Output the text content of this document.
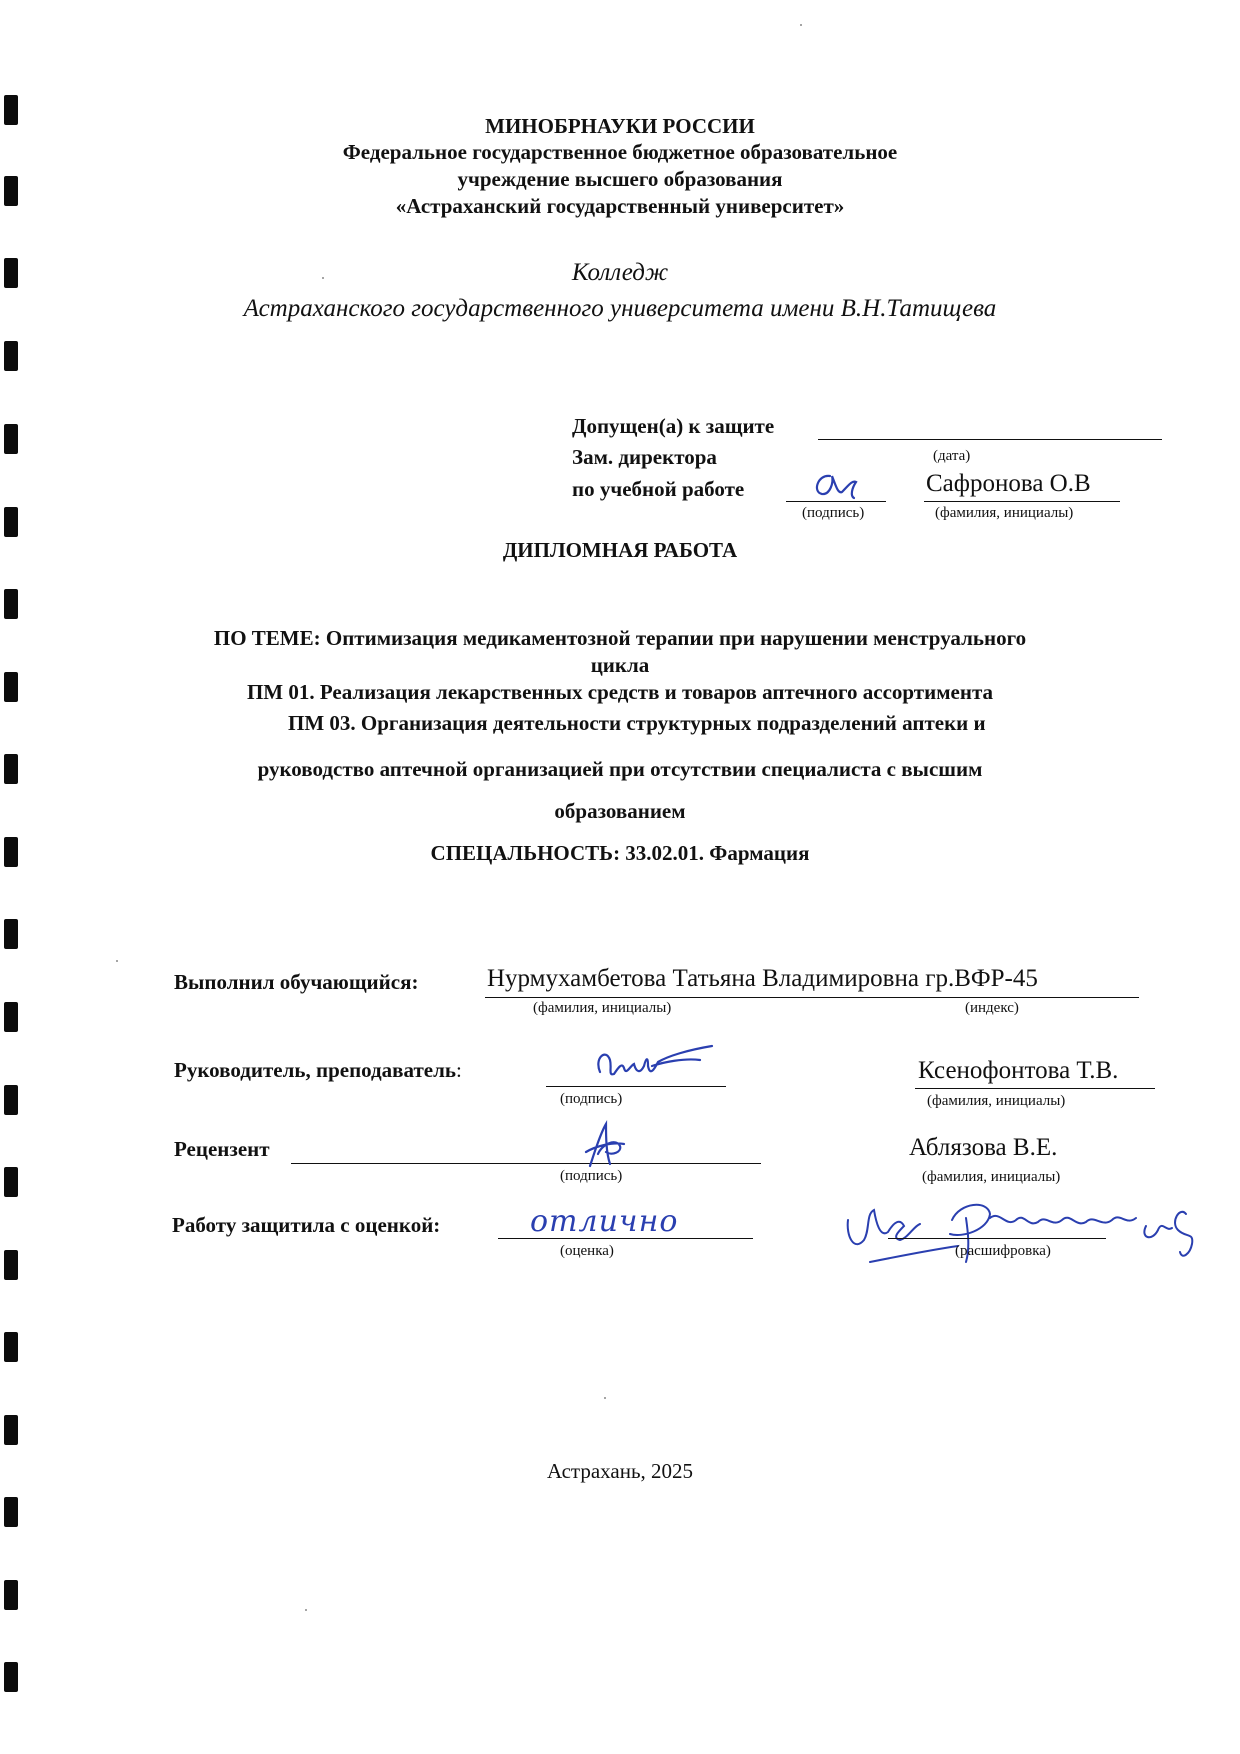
МИНОБРНАУКИ РОССИИ
Федеральное государственное бюджетное образовательное
учреждение высшего образования
«Астраханский государственный университет»
Колледж
Астраханского государственного университета имени В.Н.Татищева
Допущен(а) к защите
Зам. директора	(дата)
по учебной работе	Сафронова О.В
(подпись)	(фамилия, инициалы)
ДИПЛОМНАЯ РАБОТА
ПО ТЕМЕ: Оптимизация медикаментозной терапии при нарушении менструального
цикла
ПМ 01. Реализация лекарственных средств и товаров аптечного ассортимента
ПМ 03. Организация деятельности структурных подразделений аптеки и
руководство аптечной организацией при отсутствии специалиста с высшим
образованием
СПЕЦАЛЬНОСТЬ: 33.02.01. Фармация
Выполнил обучающийся:	Нурмухамбетова Татьяна Владимировна гр.ВФР-45
(фамилия, инициалы)	(индекс)
Руководитель, преподаватель:	Ксенофонтова Т.В.
(подпись)	(фамилия, инициалы)
Рецензент	Аблязова В.Е.
(подпись)	(фамилия, инициалы)
Работу защитила с оценкой:	отлично
(оценка)	(расшифровка)
Астрахань, 2025
